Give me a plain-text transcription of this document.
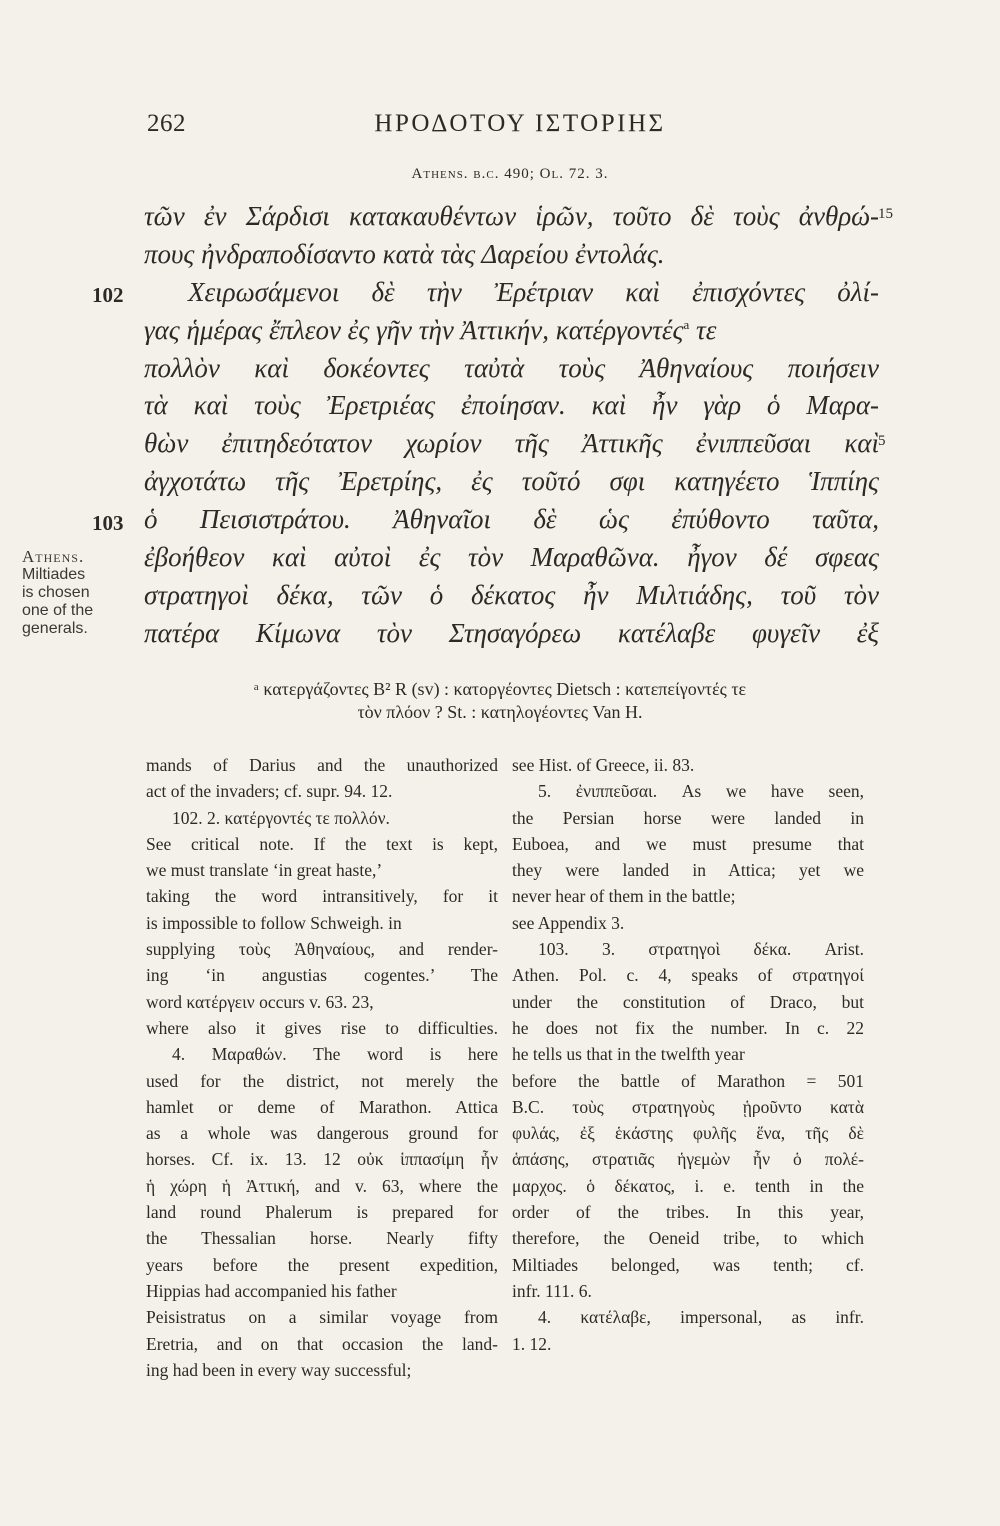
262	ΗΡΟΔΟΤΟΥ ΙΣΤΟΡΙΗΣ
Athens. b.c. 490; Ol. 72. 3.
102
103
Athens.
Miltiades
is chosen
one of the
generals.
τῶν ἐν Σάρδισι κατακαυθέντων ἱρῶν, τοῦτο δὲ τοὺς ἀνθρώ- 15
πους ἠνδραποδίσαντο κατὰ τὰς Δαρείου ἐντολάς.
Χειρωσάμενοι δὲ τὴν Ἐρέτριαν καὶ ἐπισχόντες ὀλί-
γας ἡμέρας ἔπλεον ἐς γῆν τὴν Ἀττικήν, κατέργοντές$^a$ τε
πολλὸν καὶ δοκέοντες ταὐτὰ τοὺς Ἀθηναίους ποιήσειν
τὰ καὶ τοὺς Ἐρετριέας ἐποίησαν. καὶ ἦν γὰρ ὁ Μαρα-
θὼν ἐπιτηδεότατον χωρίον τῆς Ἀττικῆς ἐνιππεῦσαι καὶ 5
ἀγχοτάτω τῆς Ἐρετρίης, ἐς τοῦτό σφι κατηγέετο Ἱππίης
ὁ Πεισιστράτου. Ἀθηναῖοι δὲ ὡς ἐπύθοντο ταῦτα,
ἐβοήθεον καὶ αὐτοὶ ἐς τὸν Μαραθῶνα. ἦγον δέ σφεας
στρατηγοὶ δέκα, τῶν ὁ δέκατος ἦν Μιλτιάδης, τοῦ τὸν
πατέρα Κίμωνα τὸν Στησαγόρεω κατέλαβε φυγεῖν ἐξ
ᵃ κατεργάζοντες B² R (sv) : κατοργέοντες Dietsch : κατεπείγοντές τε
τὸν πλόον ? St. : κατηλογέοντες Van H.
mands of Darius and the unauthorized
act of the invaders; cf. supr. 94. 12.
102. 2. κατέργοντές τε πολλόν.
See critical note. If the text is kept,
we must translate ‘in great haste,’
taking the word intransitively, for it
is impossible to follow Schweigh. in
supplying τοὺς Ἀθηναίους, and render-
ing ‘in angustias cogentes.’ The
word κατέργειν occurs v. 63. 23,
where also it gives rise to difficulties.
4. Μαραθών. The word is here
used for the district, not merely the
hamlet or deme of Marathon. Attica
as a whole was dangerous ground for
horses. Cf. ix. 13. 12 οὐκ ἱππασίμη ἦν
ἡ χώρη ἡ Ἀττική, and v. 63, where the
land round Phalerum is prepared for
the Thessalian horse. Nearly fifty
years before the present expedition,
Hippias had accompanied his father
Peisistratus on a similar voyage from
Eretria, and on that occasion the land-
ing had been in every way successful;
see Hist. of Greece, ii. 83.
5. ἐνιππεῦσαι. As we have seen,
the Persian horse were landed in
Euboea, and we must presume that
they were landed in Attica; yet we
never hear of them in the battle;
see Appendix 3.
103. 3. στρατηγοὶ δέκα. Arist.
Athen. Pol. c. 4, speaks of στρατηγοί
under the constitution of Draco, but
he does not fix the number. In c. 22
he tells us that in the twelfth year
before the battle of Marathon = 501
B.C. τοὺς στρατηγοὺς ᾑροῦντο κατὰ
φυλάς, ἐξ ἑκάστης φυλῆς ἕνα, τῆς δὲ
ἁπάσης, στρατιᾶς ἡγεμὼν ἦν ὁ πολέ-
μαρχος. ὁ δέκατος, i. e. tenth in the
order of the tribes. In this year,
therefore, the Oeneid tribe, to which
Miltiades belonged, was tenth; cf.
infr. 111. 6.
4. κατέλαβε, impersonal, as infr.
1. 12.
